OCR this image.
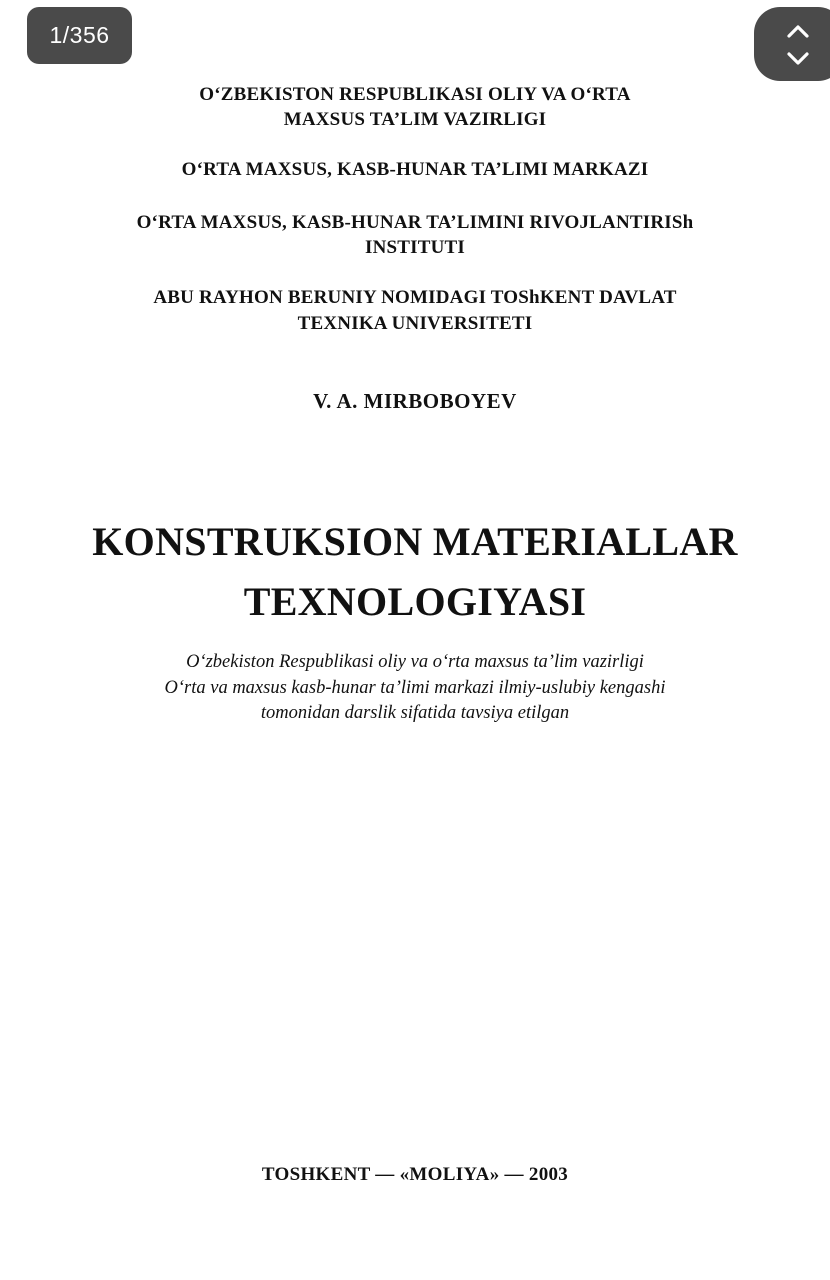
O‘ZBEKISTON RESPUBLIKASI OLIY VA O‘RTA
MAXSUS TA’LIM VAZIRLIGI
O‘RTA MAXSUS, KASB-HUNAR TA’LIMI MARKAZI
O‘RTA MAXSUS, KASB-HUNAR TA’LIMINI RIVOJLANTIRISh
INSTITUTI
ABU RAYHON BERUNIY NOMIDAGI TOShKENT DAVLAT
TEXNIKA UNIVERSITETI
V. A. MIRBOBOYEV
KONSTRUKSION MATERIALLAR
TEXNOLOGIYASI
O‘zbekiston Respublikasi oliy va o‘rta maxsus ta’lim vazirligi
O‘rta va maxsus kasb-hunar ta’limi markazi ilmiy-uslubiy kengashi
tomonidan darslik sifatida tavsiya etilgan
TOSHKENT — «MOLIYA» — 2003
1/356
